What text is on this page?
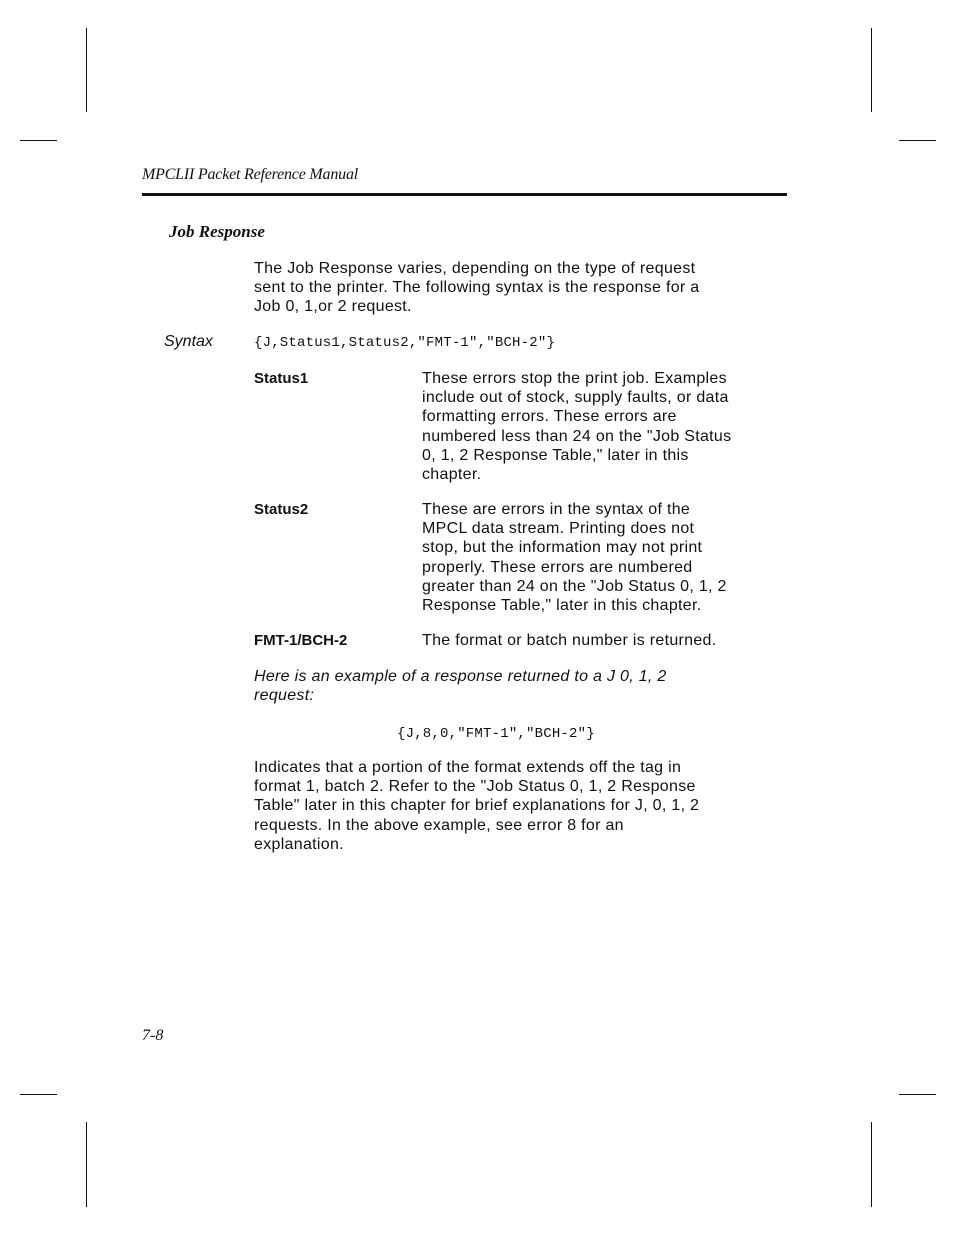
MPCLII Packet Reference Manual
Job Response
The Job Response varies, depending on the type of request
sent to the printer. The following syntax is the response for a
Job 0, 1,or 2 request.
Syntax	{J,Status1,Status2,"FMT-1","BCH-2"}
Status1	These errors stop the print job. Examples
include out of stock, supply faults, or data
formatting errors. These errors are
numbered less than 24 on the "Job Status
0, 1, 2 Response Table," later in this
chapter.
Status2	These are errors in the syntax of the
MPCL data stream. Printing does not
stop, but the information may not print
properly. These errors are numbered
greater than 24 on the "Job Status 0, 1, 2
Response Table," later in this chapter.
FMT-1/BCH-2	The format or batch number is returned.
Here is an example of a response returned to a J 0, 1, 2
request:
{J,8,0,"FMT-1","BCH-2"}
Indicates that a portion of the format extends off the tag in
format 1, batch 2. Refer to the "Job Status 0, 1, 2 Response
Table" later in this chapter for brief explanations for J, 0, 1, 2
requests. In the above example, see error 8 for an
explanation.
7-8
